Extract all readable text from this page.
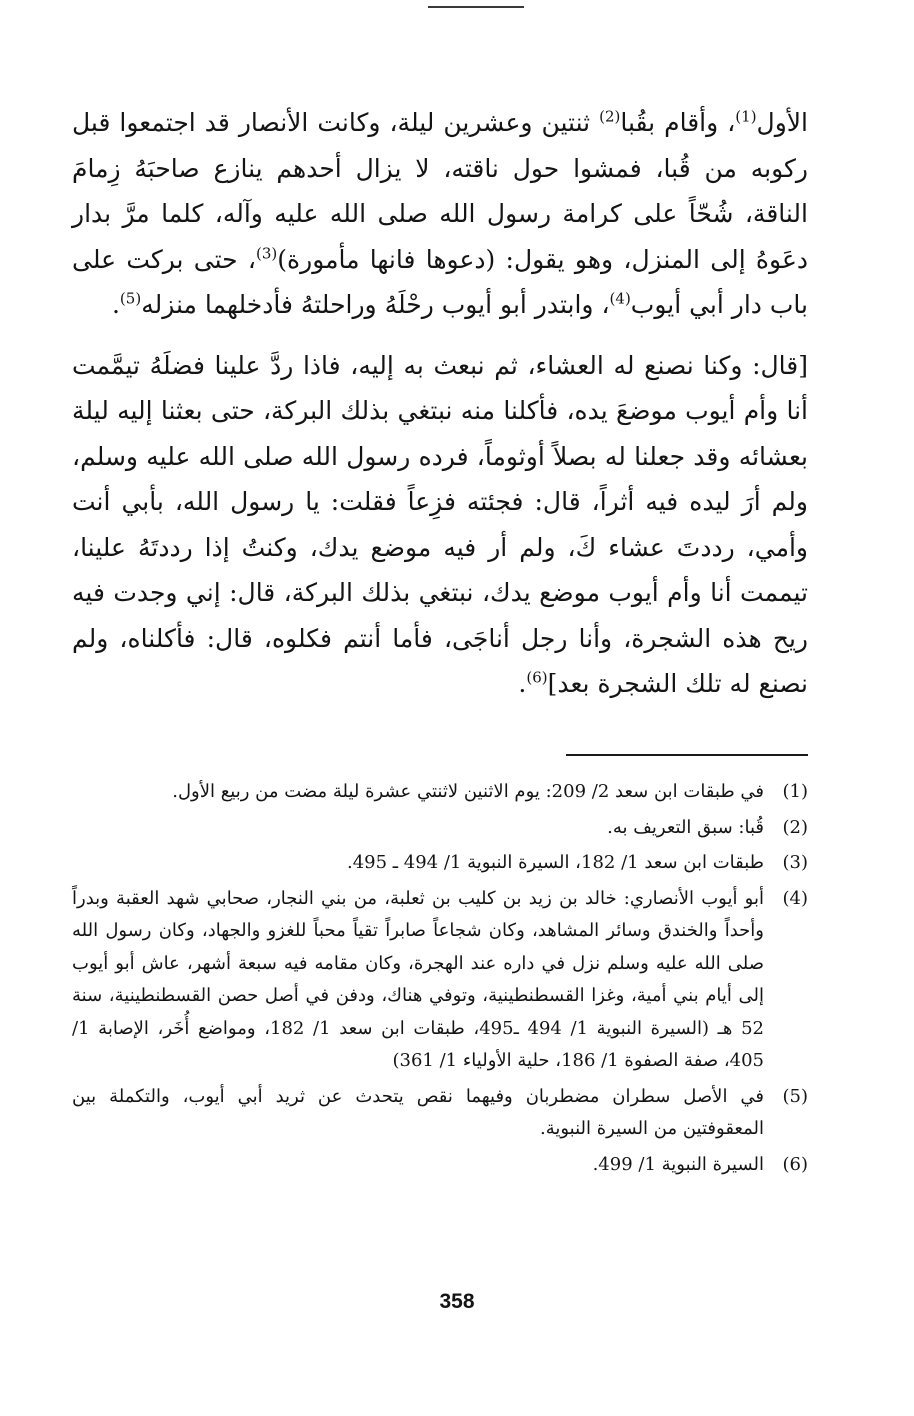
الأول$^{(1)}$، وأقام بقُبا$^{(2)}$ ثنتين وعشرين ليلة، وكانت الأنصار قد اجتمعوا قبل ركوبه من قُبا، فمشوا حول ناقته، لا يزال أحدهم ينازع صاحبَهُ زِمامَ الناقة، شُحّاً على كرامة رسول الله صلى الله عليه وآله، كلما مرَّ بدار دعَوهُ إلى المنزل، وهو يقول: (دعوها فانها مأمورة)$^{(3)}$، حتى بركت على باب دار أبي أيوب$^{(4)}$، وابتدر أبو أيوب رحْلَهُ وراحلتهُ فأدخلهما منزله$^{(5)}$.

[قال: وكنا نصنع له العشاء، ثم نبعث به إليه، فاذا ردَّ علينا فضلَهُ تيمَّمت أنا وأم أيوب موضعَ يده، فأكلنا منه نبتغي بذلك البركة، حتى بعثنا إليه ليلة بعشائه وقد جعلنا له بصلاً أوثوماً، فرده رسول الله صلى الله عليه وسلم، ولم أرَ ليده فيه أثراً، قال: فجئته فزِعاً فقلت: يا رسول الله، بأبي أنت وأمي، رددتَ عشاء كَ، ولم أر فيه موضع يدك، وكنتُ إذا رددتَهُ علينا، تيممت أنا وأم أيوب موضع يدك، نبتغي بذلك البركة، قال: إني وجدت فيه ريح هذه الشجرة، وأنا رجل أناجَى، فأما أنتم فكلوه، قال: فأكلناه، ولم نصنع له تلك الشجرة بعد]$^{(6)}$.

(1)
في طبقات ابن سعد 2/ 209: يوم الاثنين لاثنتي عشرة ليلة مضت من ربيع الأول.
(2)
قُبا: سبق التعريف به.
(3)
طبقات ابن سعد 1/ 182، السيرة النبوية 1/ 494 ـ 495.
(4)
أبو أيوب الأنصاري: خالد بن زيد بن كليب بن ثعلبة، من بني النجار، صحابي شهد العقبة وبدراً وأحداً والخندق وسائر المشاهد، وكان شجاعاً صابراً تقياً محباً للغزو والجهاد، وكان رسول الله صلى الله عليه وسلم نزل في داره عند الهجرة، وكان مقامه فيه سبعة أشهر، عاش أبو أيوب إلى أيام بني أمية، وغزا القسطنطينية، وتوفي هناك، ودفن في أصل حصن القسطنطينية، سنة 52 هـ (السيرة النبوية 1/ 494 ـ495، طبقات ابن سعد 1/ 182، ومواضع أُخَر، الإصابة 1/ 405، صفة الصفوة 1/ 186، حلية الأولياء 1/ 361)
(5)
في الأصل سطران مضطربان وفيهما نقص يتحدث عن ثريد أبي أيوب، والتكملة بين المعقوفتين من السيرة النبوية.
(6)
السيرة النبوية 1/ 499.
358
